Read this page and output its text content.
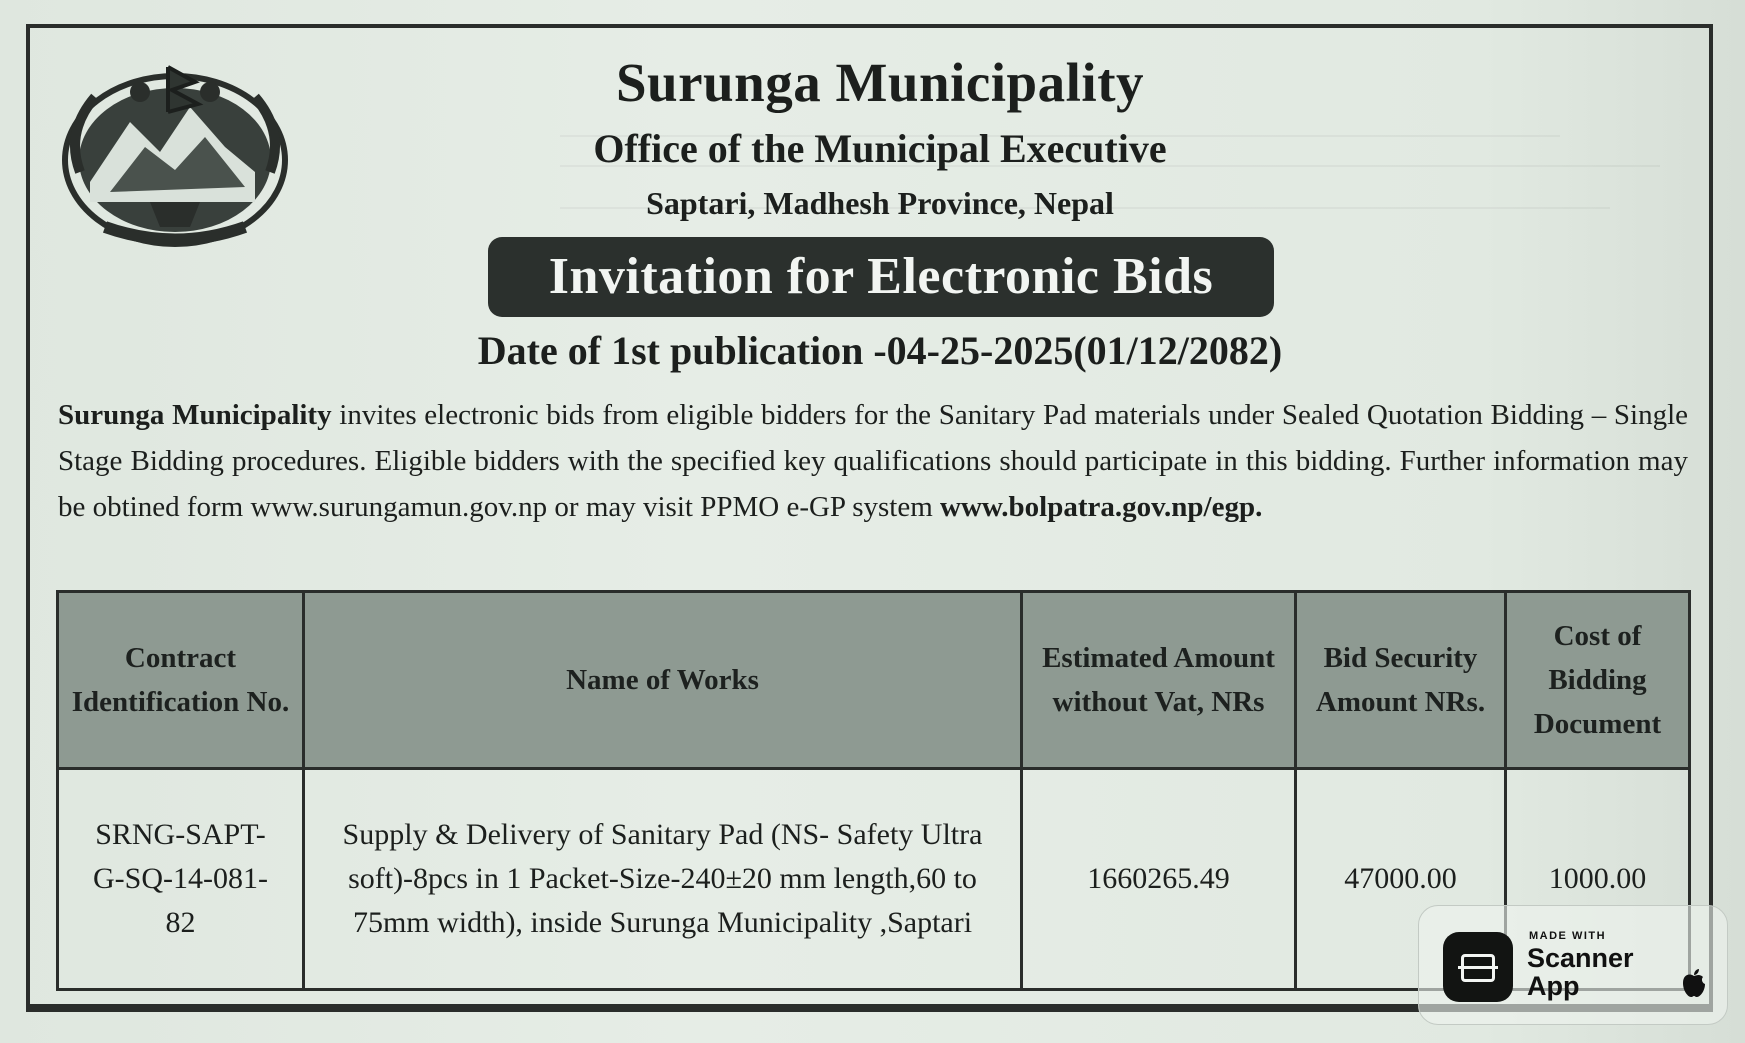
Surunga Municipality
Office of the Municipal Executive
Saptari, Madhesh Province, Nepal
Invitation for Electronic Bids
Date of 1st publication -04-25-2025(01/12/2082)
Surunga Municipality invites electronic bids from eligible bidders for the Sanitary Pad materials under Sealed Quotation Bidding – Single Stage Bidding procedures. Eligible bidders with the specified key qualifications should participate in this bidding. Further information may be obtined form www.surungamun.gov.np or may visit PPMO e-GP system www.bolpatra.gov.np/egp.
Contract Identification No.	Name of Works	Estimated Amount without Vat, NRs	Bid Security Amount NRs.	Cost of Bidding Document
SRNG-SAPT-G-SQ-14-081-82	Supply & Delivery of Sanitary Pad (NS- Safety Ultra soft)-8pcs in 1 Packet-Size-240±20 mm length,60 to 75mm width), inside Surunga Municipality ,Saptari	1660265.49	47000.00	1000.00
MADE WITH
Scanner App
